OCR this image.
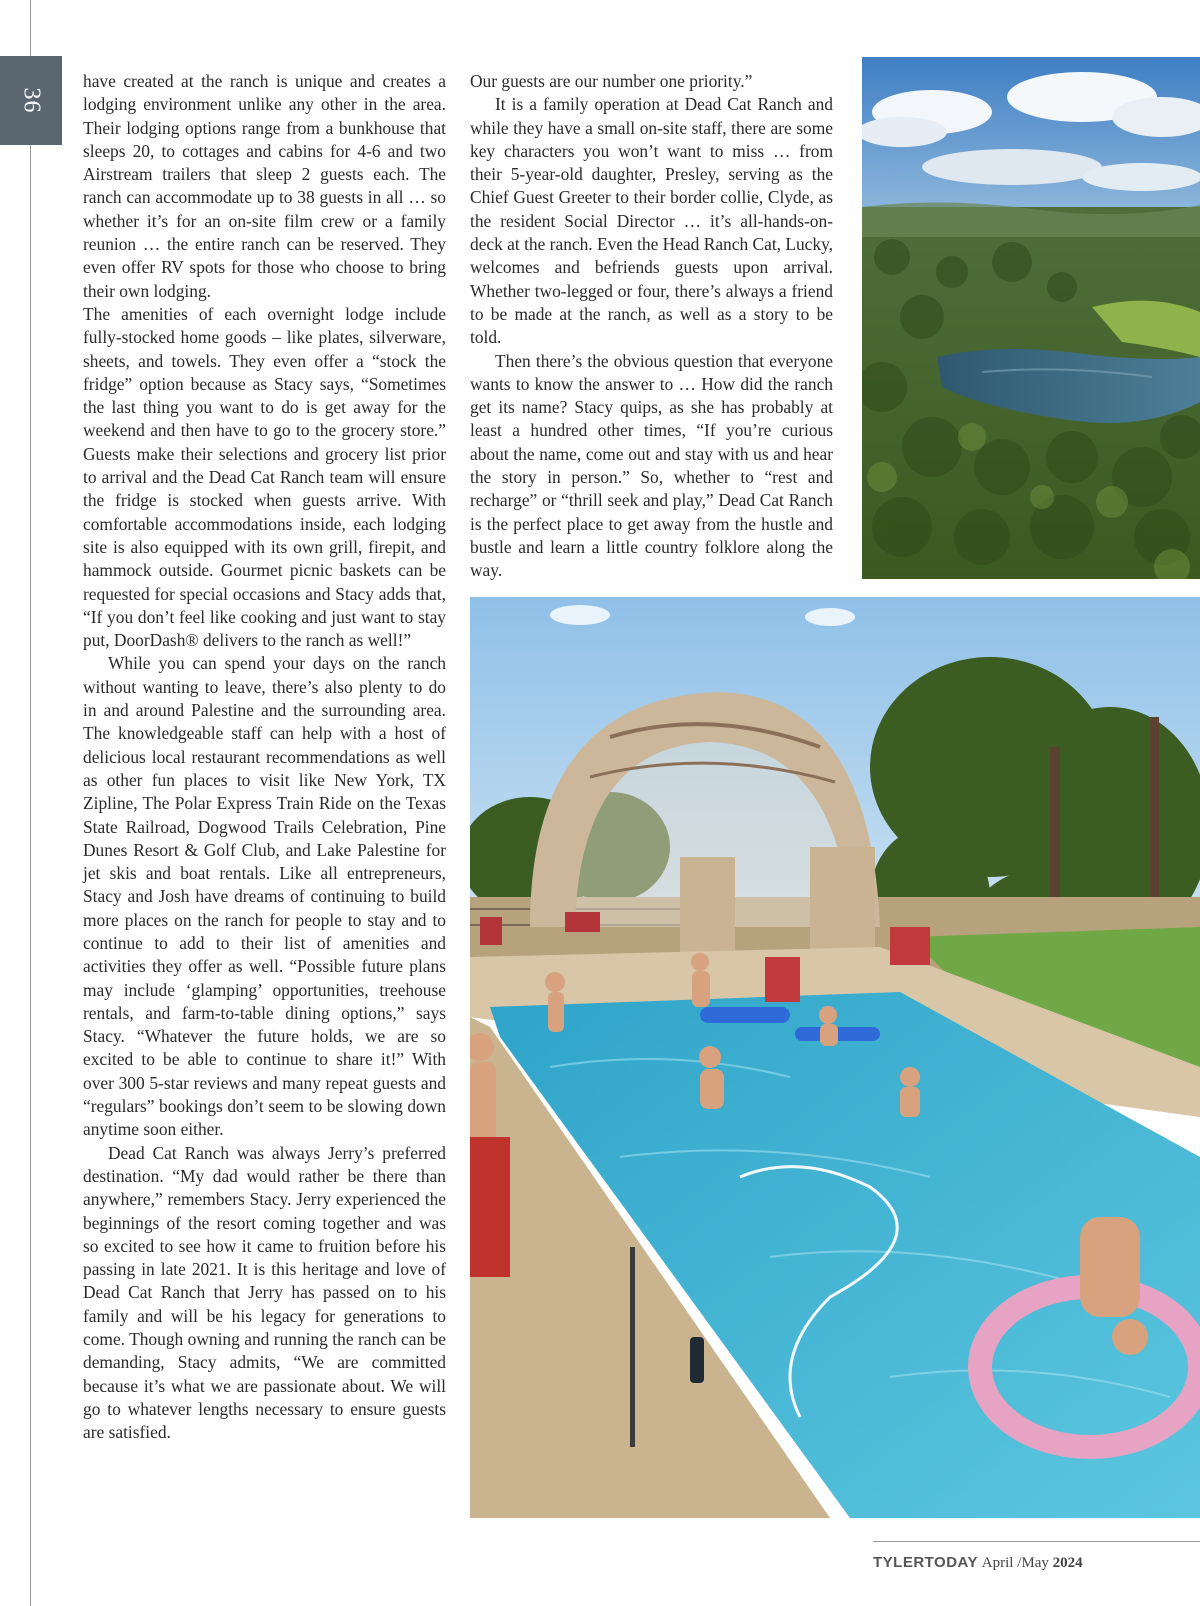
36

have created at the ranch is unique and creates a lodging environment unlike any other in the area. Their lodging options range from a bunkhouse that sleeps 20, to cottages and cabins for 4-6 and two Airstream trailers that sleep 2 guests each. The ranch can accommodate up to 38 guests in all … so whether it’s for an on-site film crew or a family reunion … the entire ranch can be reserved. They even offer RV spots for those who choose to bring their own lodging.

The amenities of each overnight lodge include fully-stocked home goods – like plates, silverware, sheets, and towels. They even offer a “stock the fridge” option because as Stacy says, “Sometimes the last thing you want to do is get away for the weekend and then have to go to the grocery store.” Guests make their selections and grocery list prior to arrival and the Dead Cat Ranch team will ensure the fridge is stocked when guests arrive. With comfortable accommodations inside, each lodging site is also equipped with its own grill, firepit, and hammock outside. Gourmet picnic baskets can be requested for special occasions and Stacy adds that, “If you don’t feel like cooking and just want to stay put, DoorDash® delivers to the ranch as well!”

While you can spend your days on the ranch without wanting to leave, there’s also plenty to do in and around Palestine and the surrounding area. The knowledgeable staff can help with a host of delicious local restaurant recommendations as well as other fun places to visit like New York, TX Zipline, The Polar Express Train Ride on the Texas State Railroad, Dogwood Trails Celebration, Pine Dunes Resort & Golf Club, and Lake Palestine for jet skis and boat rentals. Like all entrepreneurs, Stacy and Josh have dreams of continuing to build more places on the ranch for people to stay and to continue to add to their list of amenities and activities they offer as well. “Possible future plans may include ‘glamping’ opportunities, treehouse rentals, and farm-to-table dining options,” says Stacy. “Whatever the future holds, we are so excited to be able to continue to share it!” With over 300 5-star reviews and many repeat guests and “regulars” bookings don’t seem to be slowing down anytime soon either.

Dead Cat Ranch was always Jerry’s preferred destination. “My dad would rather be there than anywhere,” remembers Stacy. Jerry experienced the beginnings of the resort coming together and was so excited to see how it came to fruition before his passing in late 2021. It is this heritage and love of Dead Cat Ranch that Jerry has passed on to his family and will be his legacy for generations to come. Though owning and running the ranch can be demanding, Stacy admits, “We are committed because it’s what we are passionate about. We will go to whatever lengths necessary to ensure guests are satisfied.

Our guests are our number one priority.”

It is a family operation at Dead Cat Ranch and while they have a small on-site staff, there are some key characters you won’t want to miss … from their 5-year-old daughter, Presley, serving as the Chief Guest Greeter to their border collie, Clyde, as the resident Social Director … it’s all-hands-on-deck at the ranch. Even the Head Ranch Cat, Lucky, welcomes and befriends guests upon arrival. Whether two-legged or four, there’s always a friend to be made at the ranch, as well as a story to be told.

Then there’s the obvious question that everyone wants to know the answer to … How did the ranch get its name? Stacy quips, as she has probably at least a hundred other times, “If you’re curious about the name, come out and stay with us and hear the story in person.” So, whether to “rest and recharge” or “thrill seek and play,” Dead Cat Ranch is the perfect place to get away from the hustle and bustle and learn a little country folklore along the way.

TYLERTODAY April /May 2024
